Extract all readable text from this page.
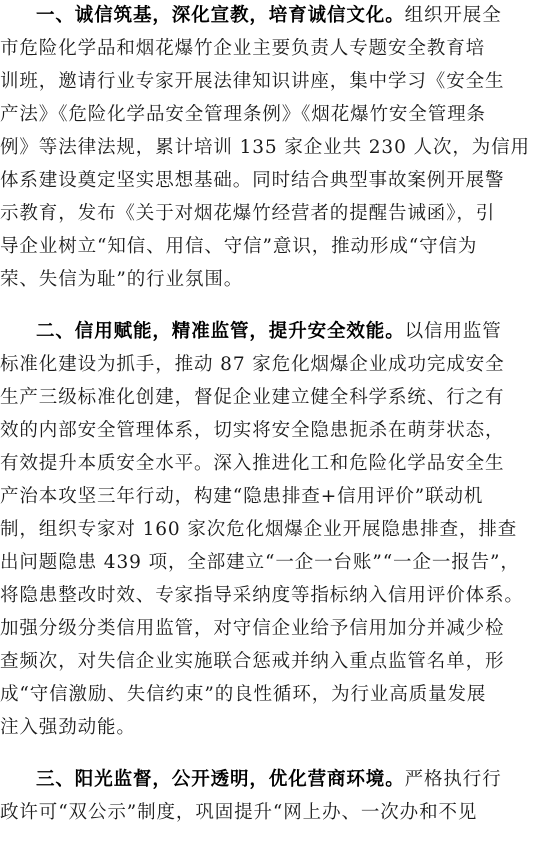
一、诚信筑基，深化宣教，培育诚信文化。组织开展全
市危险化学品和烟花爆竹企业主要负责人专题安全教育培
训班，邀请行业专家开展法律知识讲座，集中学习《安全生
产法》《危险化学品安全管理条例》《烟花爆竹安全管理条
例》等法律法规，累计培训 135 家企业共 230 人次，为信用
体系建设奠定坚实思想基础。同时结合典型事故案例开展警
示教育，发布《关于对烟花爆竹经营者的提醒告诫函》，引
导企业树立“知信、用信、守信”意识，推动形成“守信为
荣、失信为耻”的行业氛围。
二、信用赋能，精准监管，提升安全效能。以信用监管
标准化建设为抓手，推动 87 家危化烟爆企业成功完成安全
生产三级标准化创建，督促企业建立健全科学系统、行之有
效的内部安全管理体系，切实将安全隐患扼杀在萌芽状态，
有效提升本质安全水平。深入推进化工和危险化学品安全生
产治本攻坚三年行动，构建“隐患排查+信用评价”联动机
制，组织专家对 160 家次危化烟爆企业开展隐患排查，排查
出问题隐患 439 项，全部建立“一企一台账”“一企一报告”，
将隐患整改时效、专家指导采纳度等指标纳入信用评价体系。
加强分级分类信用监管，对守信企业给予信用加分并减少检
查频次，对失信企业实施联合惩戒并纳入重点监管名单，形
成“守信激励、失信约束”的良性循环，为行业高质量发展
注入强劲动能。
三、阳光监督，公开透明，优化营商环境。严格执行行
政许可“双公示”制度，巩固提升“网上办、一次办和不见
